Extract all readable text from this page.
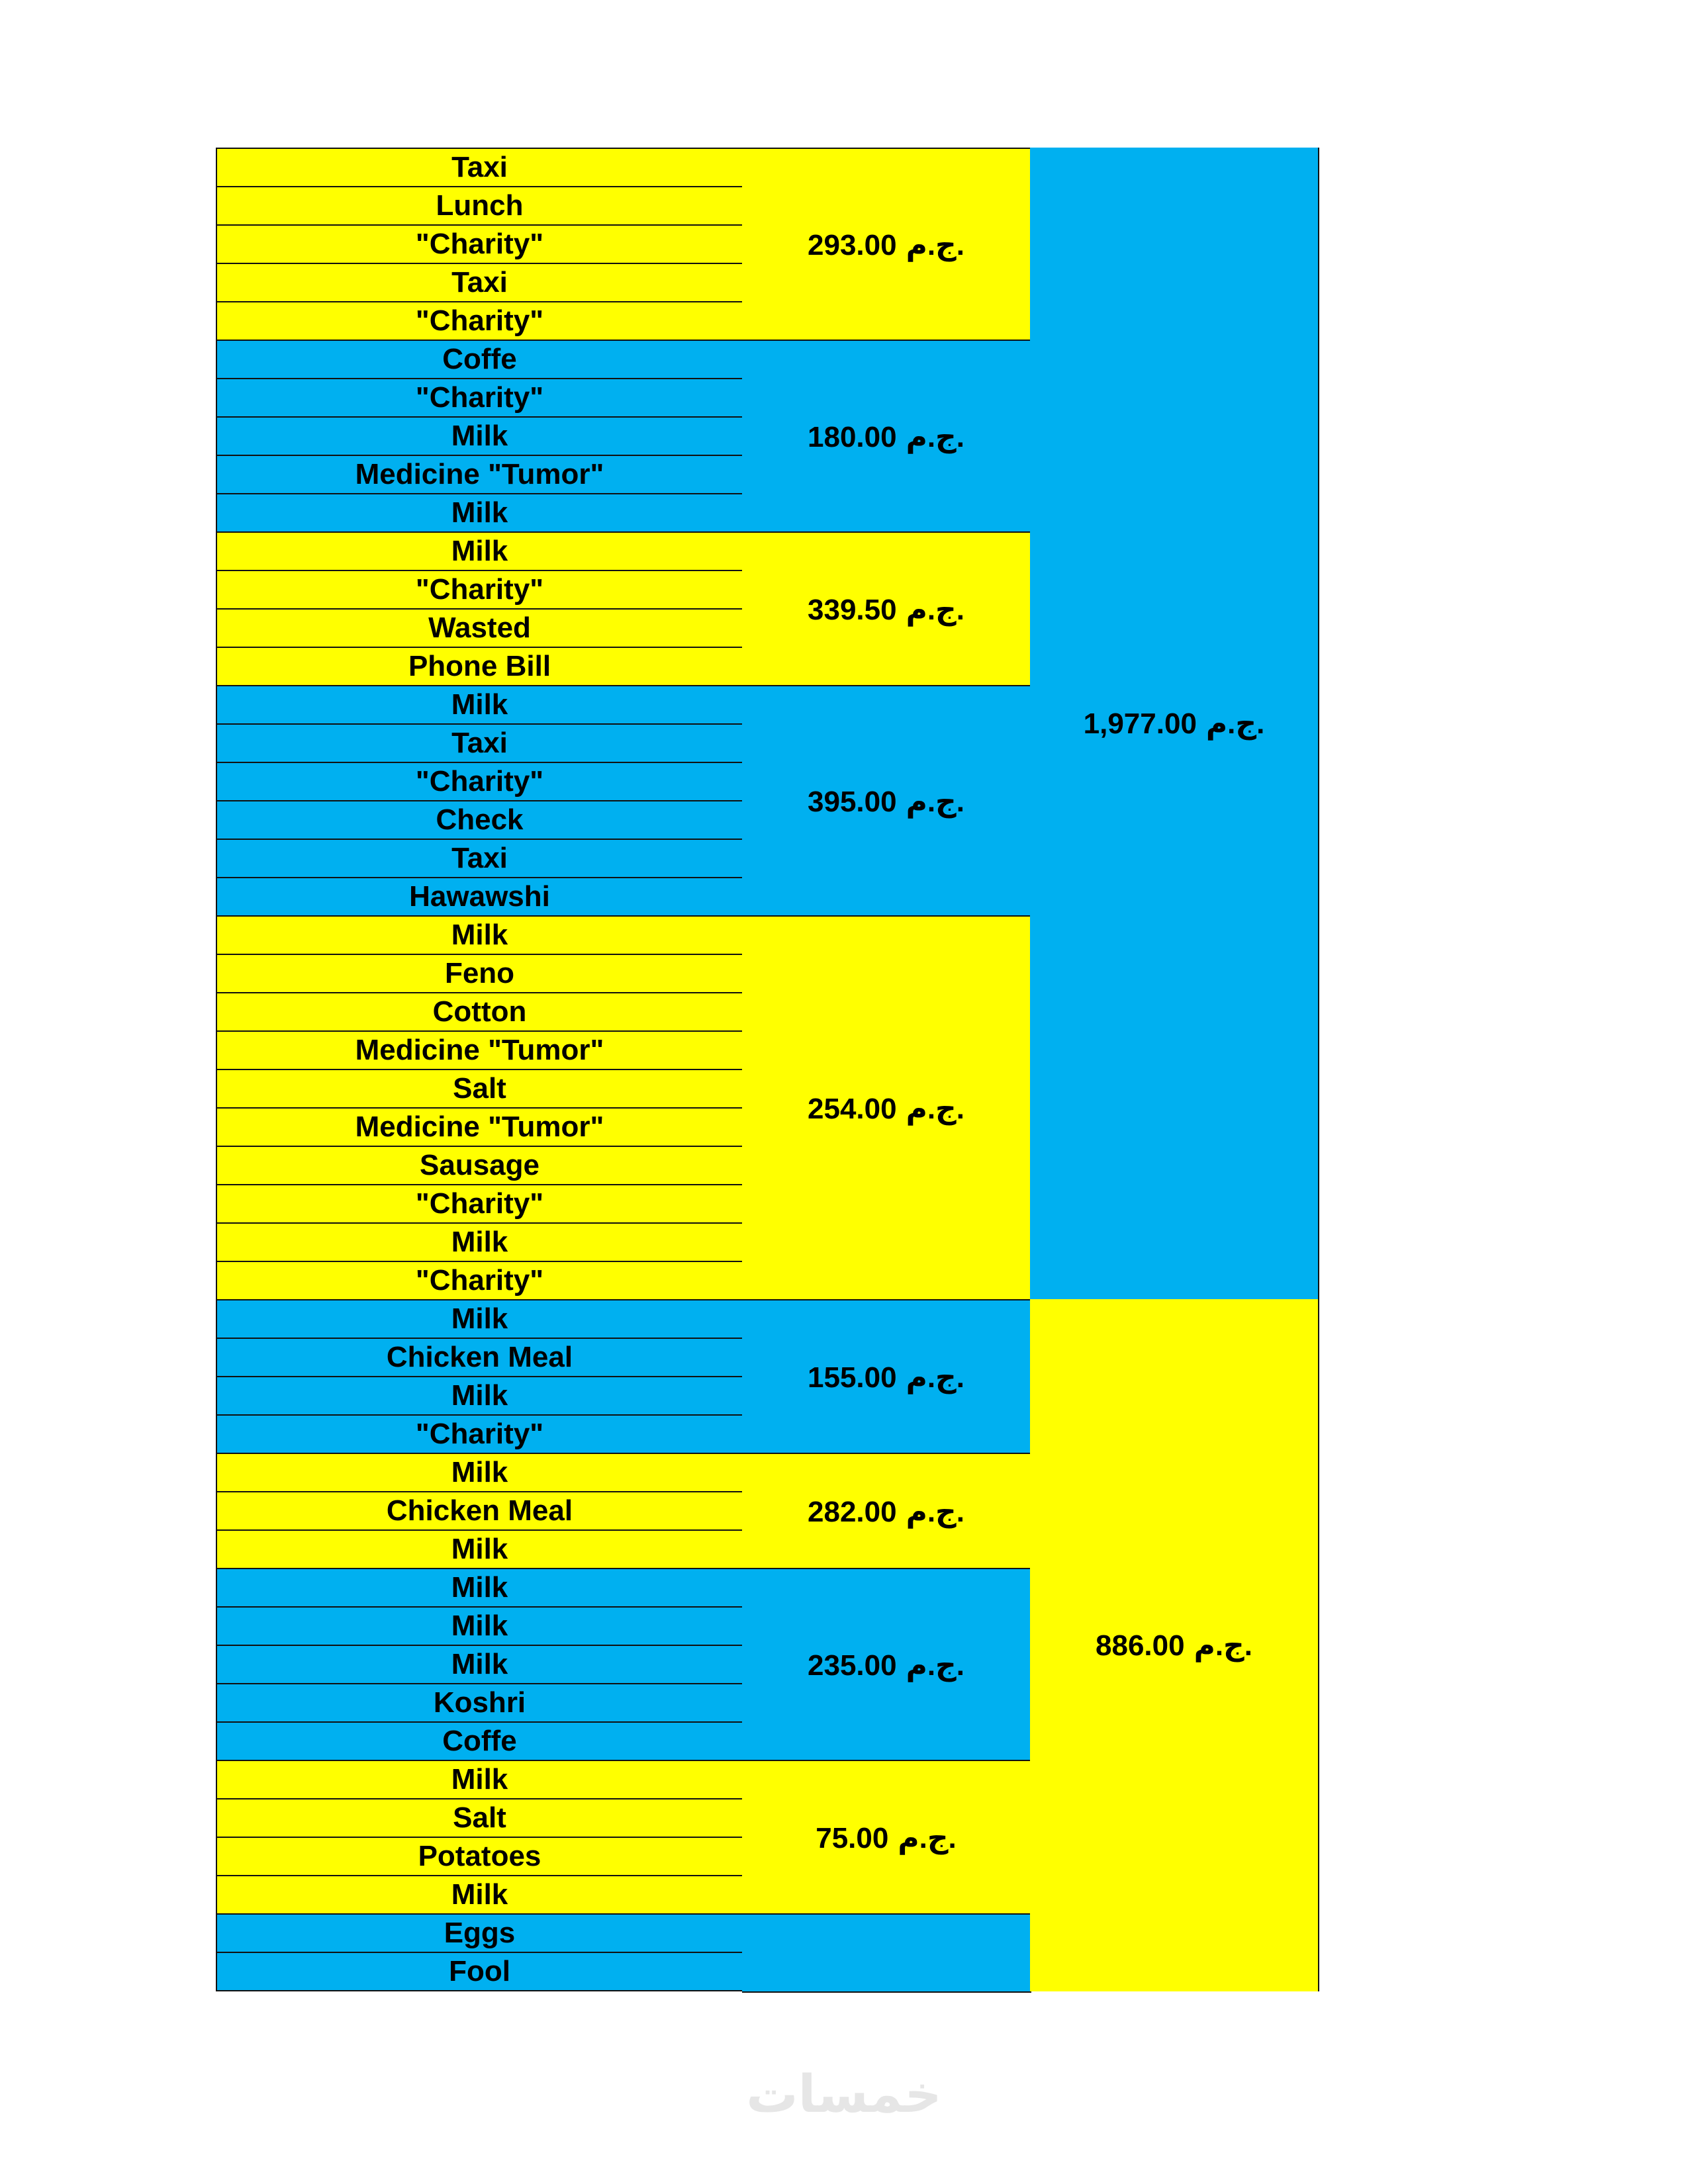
Taxi
Lunch
"Charity"
Taxi
"Charity"
Coffe
"Charity"
Milk
Medicine "Tumor"
Milk
Milk
"Charity"
Wasted
Phone Bill
Milk
Taxi
"Charity"
Check
Taxi
Hawawshi
Milk
Feno
Cotton
Medicine "Tumor"
Salt
Medicine "Tumor"
Sausage
"Charity"
Milk
"Charity"
Milk
Chicken Meal
Milk
"Charity"
Milk
Chicken Meal
Milk
Milk
Milk
Milk
Koshri
Coffe
Milk
Salt
Potatoes
Milk
Eggs
Fool
293.00 ج.م.
180.00 ج.م.
339.50 ج.م.
395.00 ج.م.
254.00 ج.م.
155.00 ج.م.
282.00 ج.م.
235.00 ج.م.
75.00 ج.م.
1,977.00 ج.م.
886.00 ج.م.
خمسات
